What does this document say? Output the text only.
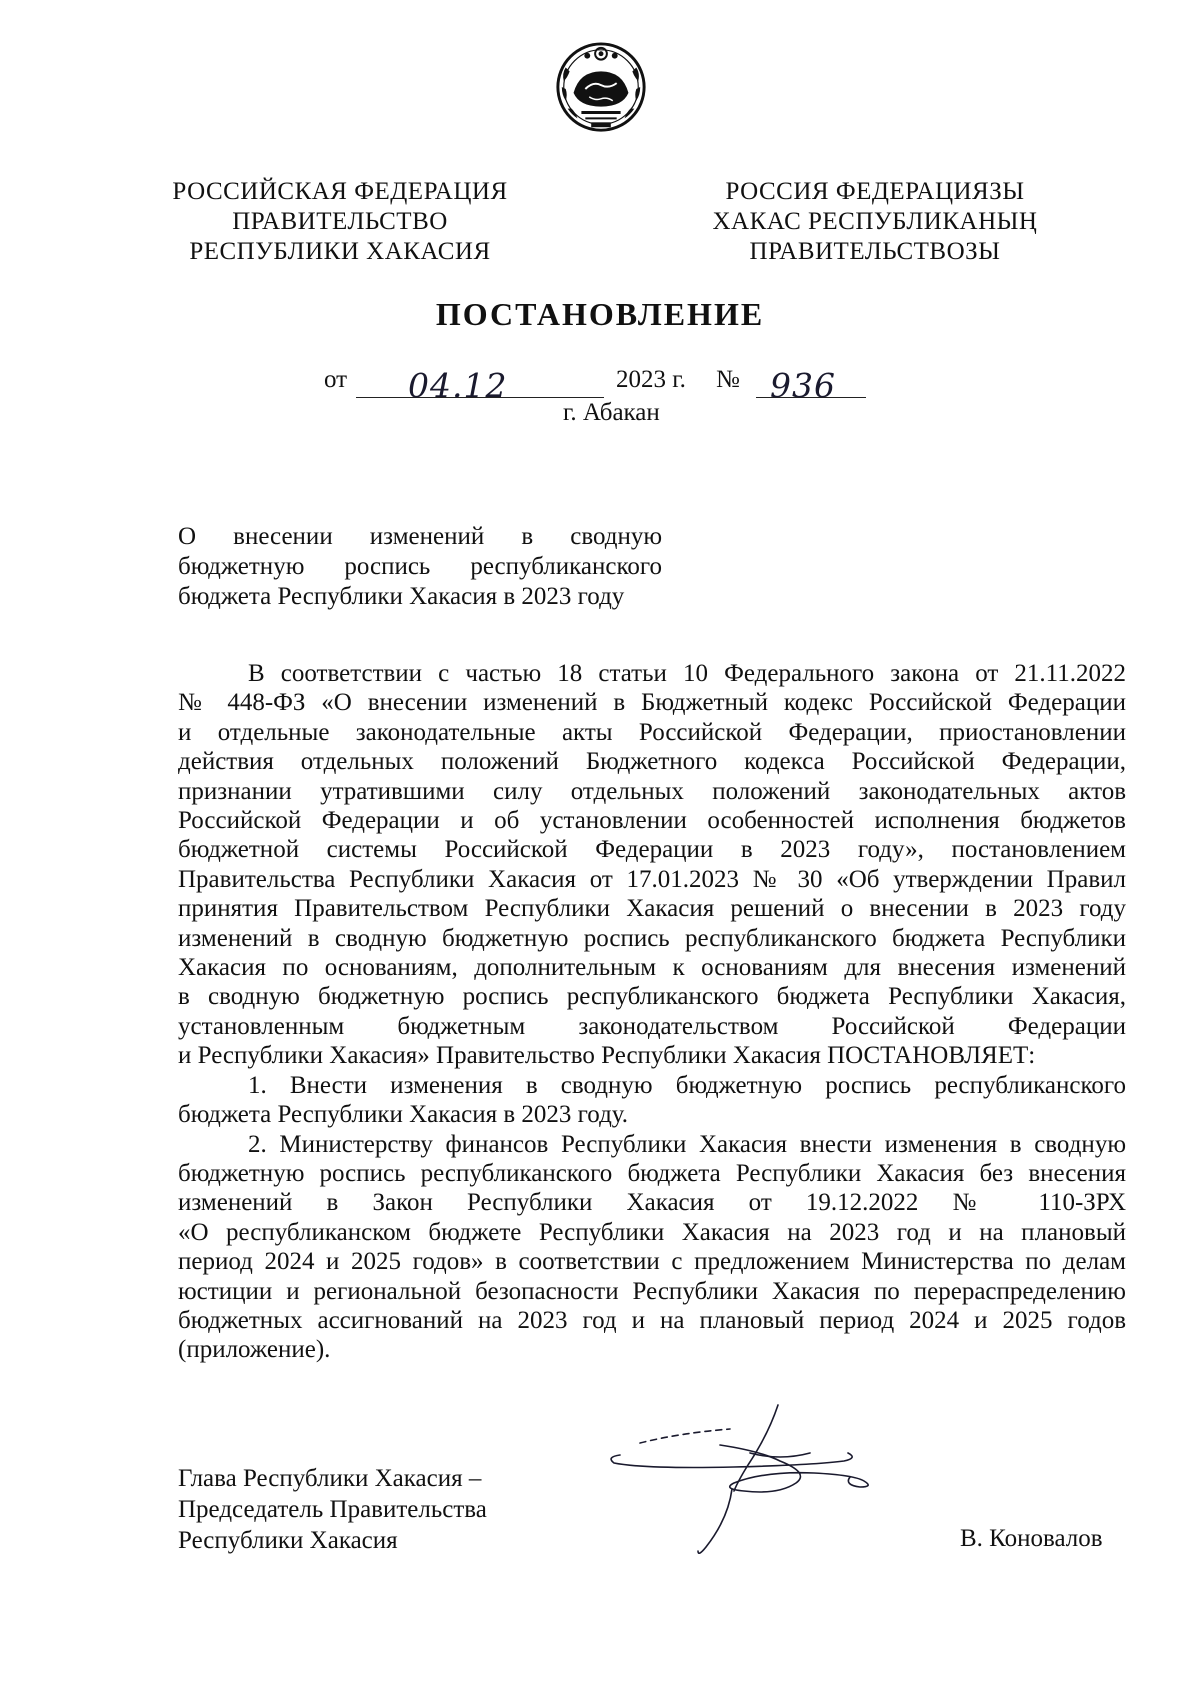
РОССИЙСКАЯ ФЕДЕРАЦИЯ
ПРАВИТЕЛЬСТВО
РЕСПУБЛИКИ ХАКАСИЯ
РОССИЯ ФЕДЕРАЦИЯЗЫ
ХАКАС РЕСПУБЛИКАНЫҢ
ПРАВИТЕЛЬСТВОЗЫ
ПОСТАНОВЛЕНИЕ
от 04.12	2023 г. № 936
г. Абакан
О внесении изменений в сводную
бюджетную роспись республиканского
бюджета Республики Хакасия в 2023 году
В соответствии с частью 18 статьи 10 Федерального закона от 21.11.2022
№ 448-ФЗ «О внесении изменений в Бюджетный кодекс Российской Федерации
и отдельные законодательные акты Российской Федерации, приостановлении
действия отдельных положений Бюджетного кодекса Российской Федерации,
признании утратившими силу отдельных положений законодательных актов
Российской Федерации и об установлении особенностей исполнения бюджетов
бюджетной системы Российской Федерации в 2023 году», постановлением
Правительства Республики Хакасия от 17.01.2023 № 30 «Об утверждении Правил
принятия Правительством Республики Хакасия решений о внесении в 2023 году
изменений в сводную бюджетную роспись республиканского бюджета Республики
Хакасия по основаниям, дополнительным к основаниям для внесения изменений
в сводную бюджетную роспись республиканского бюджета Республики Хакасия,
установленным бюджетным законодательством Российской Федерации
и Республики Хакасия» Правительство Республики Хакасия ПОСТАНОВЛЯЕТ:
1. Внести изменения в сводную бюджетную роспись республиканского
бюджета Республики Хакасия в 2023 году.
2. Министерству финансов Республики Хакасия внести изменения в сводную
бюджетную роспись республиканского бюджета Республики Хакасия без внесения
изменений в Закон Республики Хакасия от 19.12.2022 № 110-ЗРХ
«О республиканском бюджете Республики Хакасия на 2023 год и на плановый
период 2024 и 2025 годов» в соответствии с предложением Министерства по делам
юстиции и региональной безопасности Республики Хакасия по перераспределению
бюджетных ассигнований на 2023 год и на плановый период 2024 и 2025 годов
(приложение).
Глава Республики Хакасия –
Председатель Правительства
Республики Хакасия	В. Коновалов
